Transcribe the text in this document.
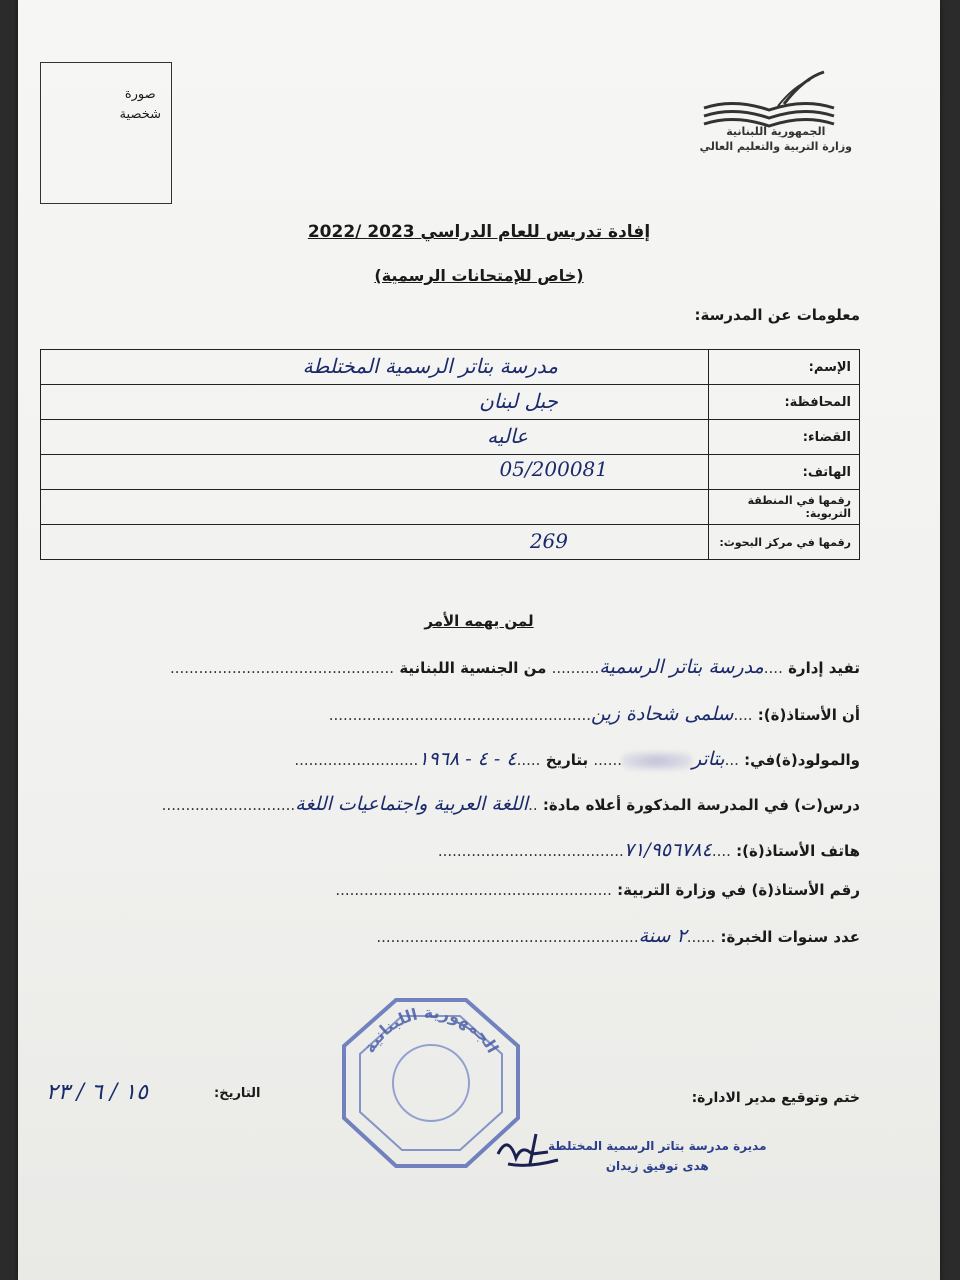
صورة
شخصية
الجمهورية اللبنانية
وزارة التربية والتعليم العالي
إفادة تدريس للعام الدراسي 2023 /2022
(خاص للإمتحانات الرسمية)
معلومات عن المدرسة:
الإسم:	مدرسة بتاتر الرسمية المختلطة

المحافظة:	جبل لبنان

القضاء:	عاليه

الهاتف:	05/200081

رقمها في المنطقة التربوية:	
رقمها في مركز البحوث:	269
لمن يهمه الأمر
تفيد إدارة ....مدرسة بتاتر الرسمية.......... من الجنسية اللبنانية ...............................................
أن الأستاذ(ة): ....سلمى شحادة زين.......................................................
والمولود(ة)في: ...بتاتر...... بتاريخ .....٤ - ٤ - ١٩٦٨..........................
درس(ت) في المدرسة المذكورة أعلاه مادة: ..اللغة العربية واجتماعيات اللغة............................
هاتف الأستاذ(ة): ....٧١/٩٥٦٧٨٤.......................................
رقم الأستاذ(ة) في وزارة التربية: ..........................................................
عدد سنوات الخبرة: ......٢ سنة.......................................................
الجمهورية اللبنانية
ختم وتوقيع مدير الادارة:
التاريخ:
١٥ / ٦ / ٢٣
مديرة مدرسة بتاتر الرسمية المختلطة
هدى توفيق زيدان
